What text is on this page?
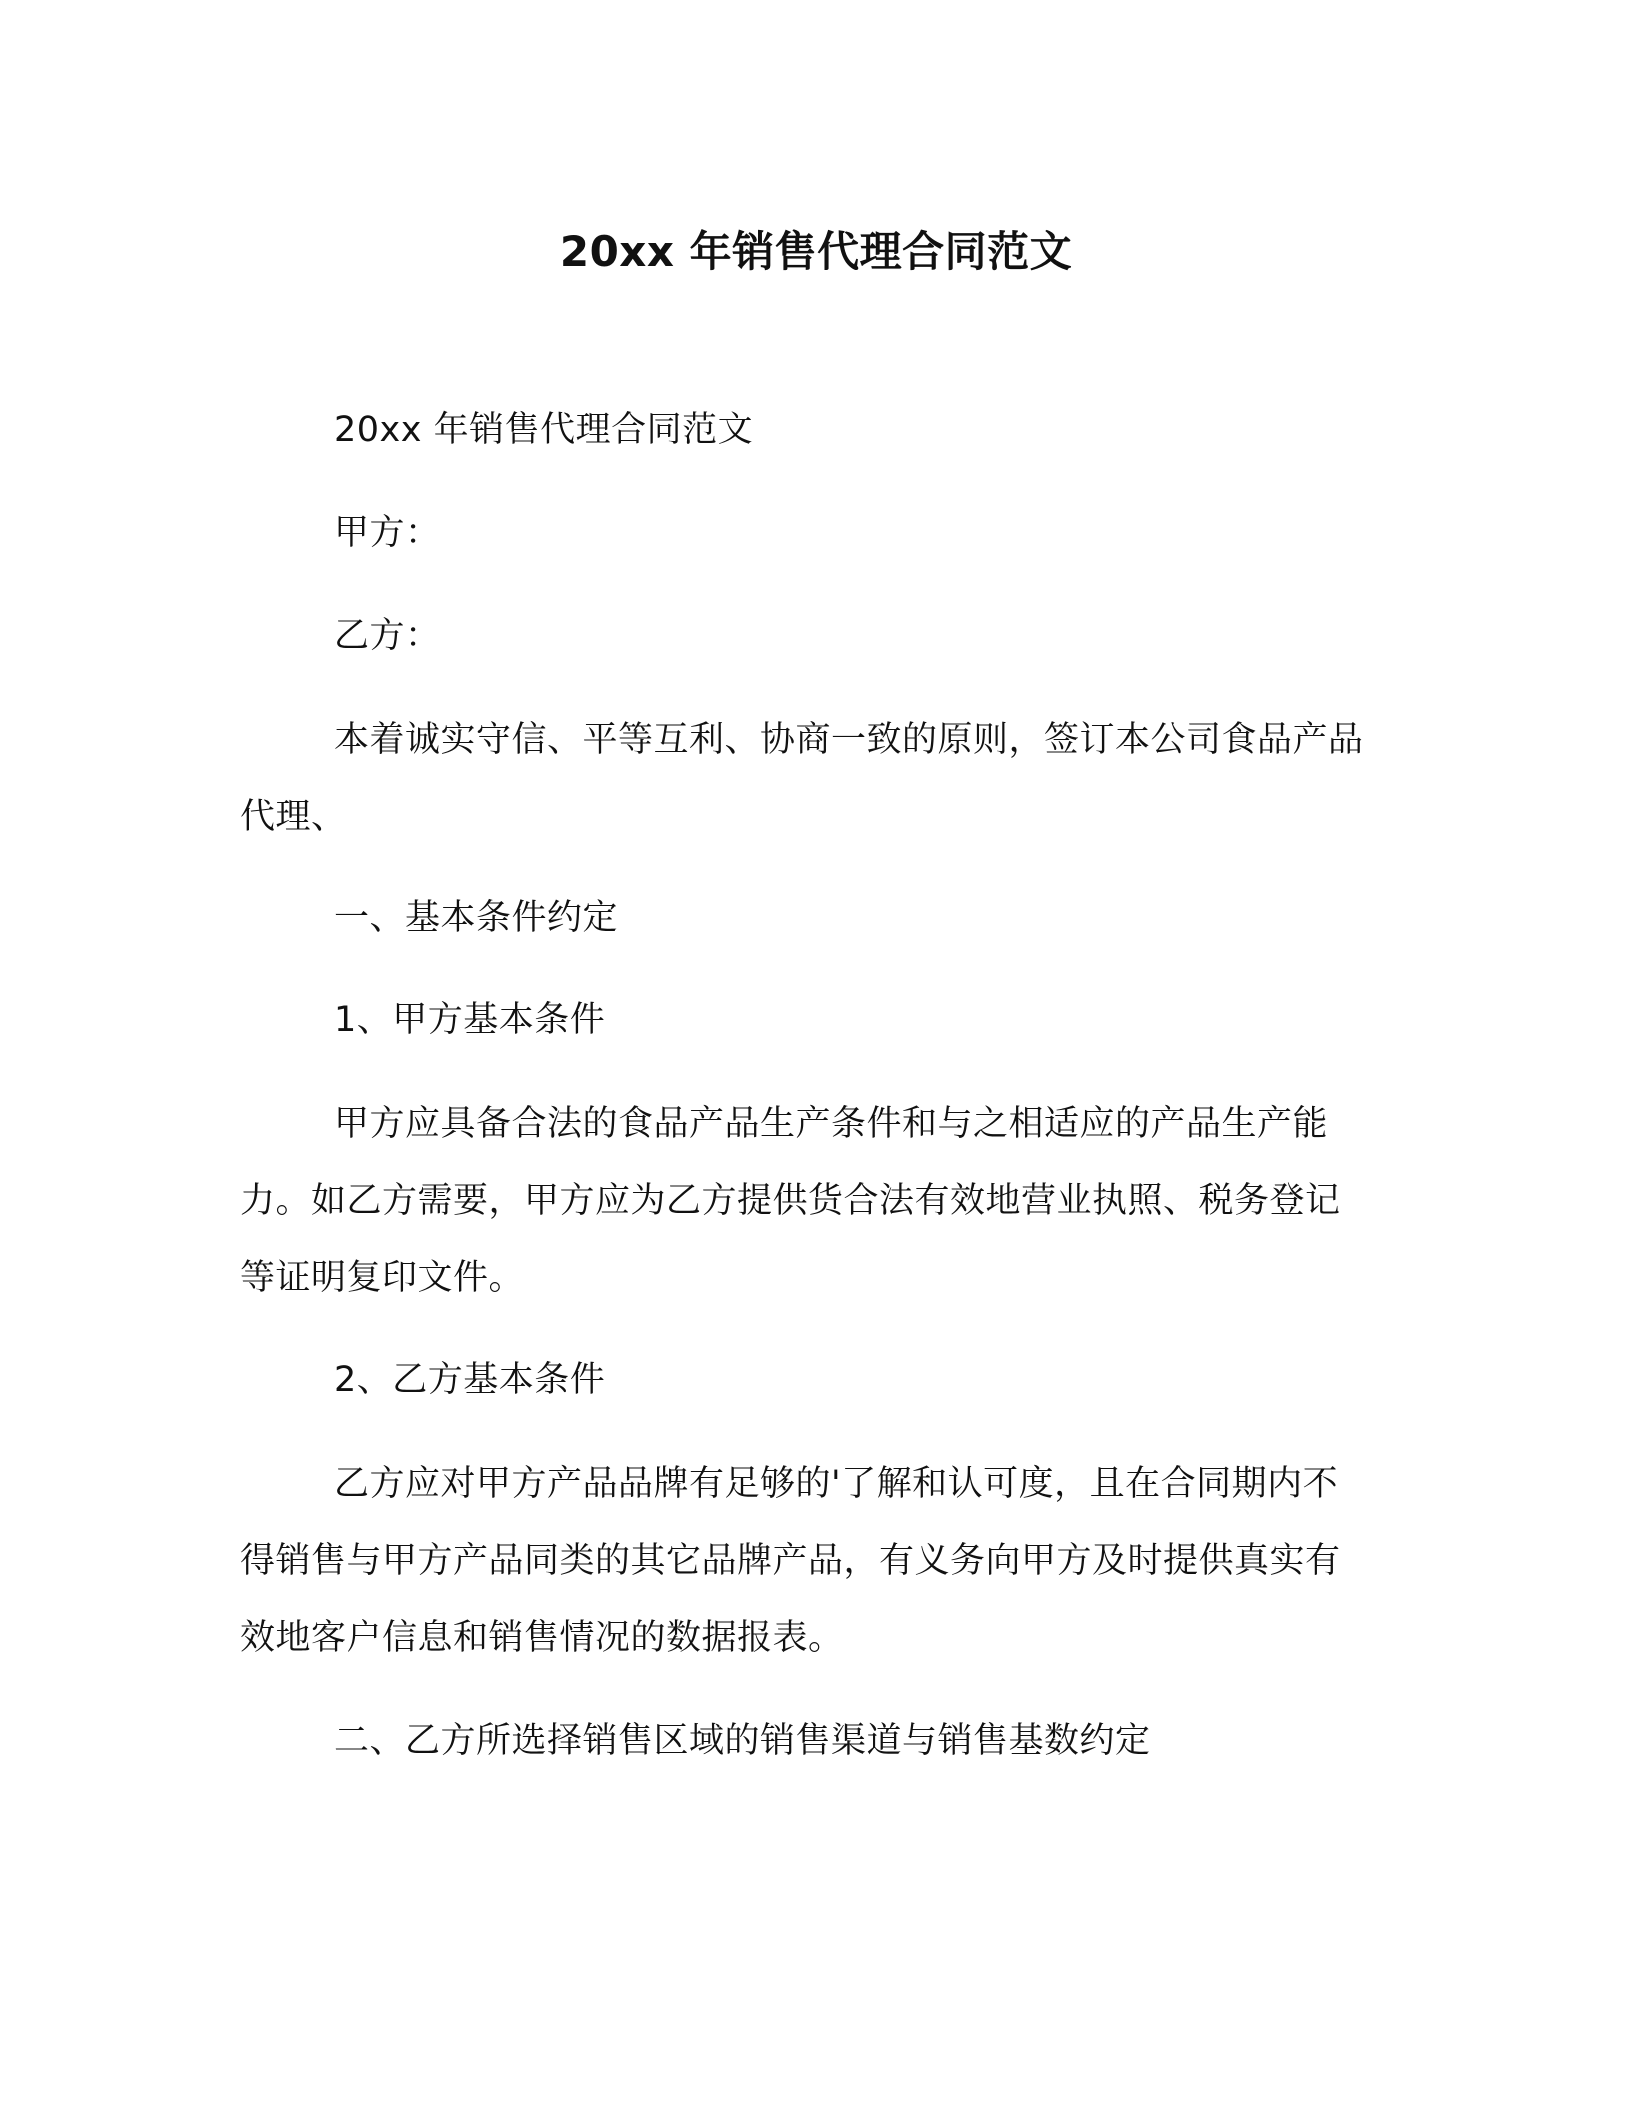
20xx 年销售代理合同范文

20xx 年销售代理合同范文

甲方：

乙方：

本着诚实守信、平等互利、协商一致的原则，签订本公司食品产品代理、

一、基本条件约定

1、甲方基本条件

甲方应具备合法的食品产品生产条件和与之相适应的产品生产能力。如乙方需要，甲方应为乙方提供货合法有效地营业执照、税务登记等证明复印文件。

2、乙方基本条件

乙方应对甲方产品品牌有足够的'了解和认可度，且在合同期内不得销售与甲方产品同类的其它品牌产品，有义务向甲方及时提供真实有效地客户信息和销售情况的数据报表。

二、乙方所选择销售区域的销售渠道与销售基数约定
